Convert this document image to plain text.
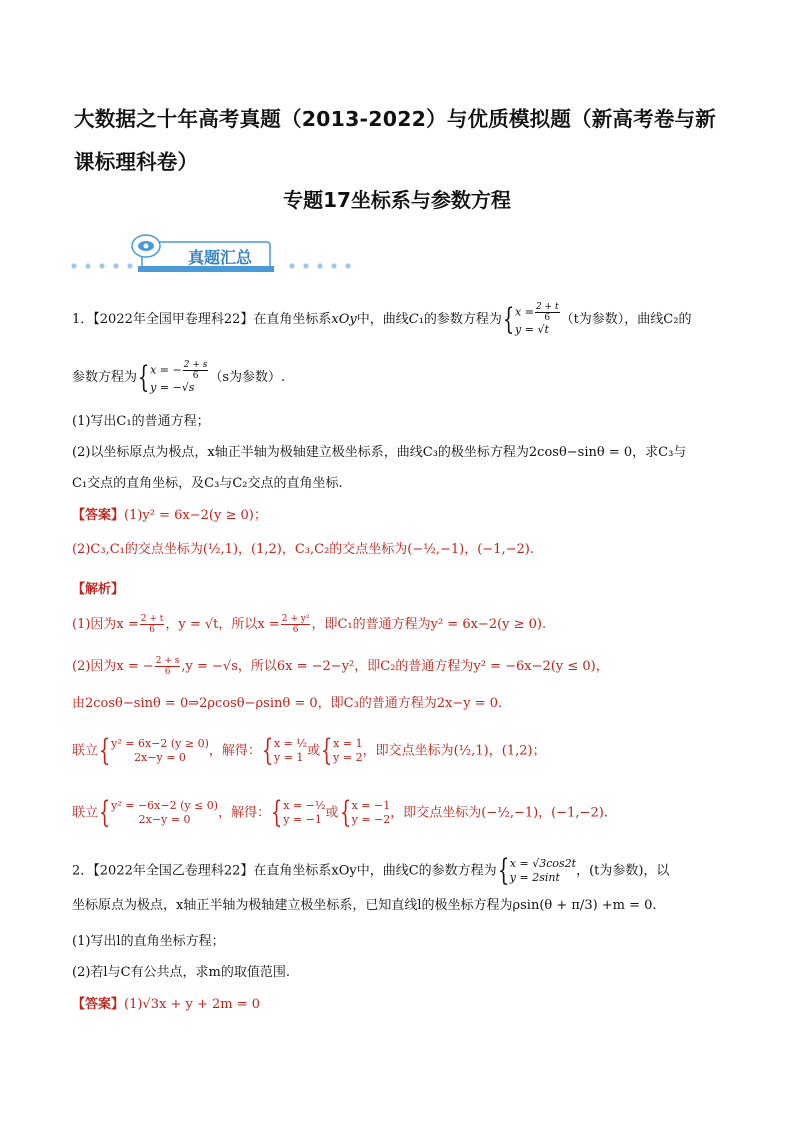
大数据之十年高考真题（2013-2022）与优质模拟题（新高考卷与新课标理科卷）
专题17坐标系与参数方程
真题汇总
1．【2022年全国甲卷理科22】在直角坐标系xOy中，曲线C₁的参数方程为{ $x = \frac{2 + t}{6}$
y = √t
（t为参数），曲线C₂的
参数方程为{ x = − $\frac{2 + s}{6}$
y = −√s
（s为参数）.
(1)写出C₁的普通方程；
(2)以坐标原点为极点，x轴正半轴为极轴建立极坐标系，曲线C₃的极坐标方程为2cosθ−sinθ = 0，求C₃与
C₁交点的直角坐标，及C₃与C₂交点的直角坐标.
【答案】(1)y² = 6x−2(y ≥ 0)；
(2)C₃,C₁的交点坐标为(½,1)，(1,2)，C₃,C₂的交点坐标为(−½,−1)，(−1,−2).
【解析】
(1)因为$x = \frac{2 + t}{6}$ ，y = √t，所以$x = \frac{\text{2 + y²}}{6}$ ，即C₁的普通方程为y² = 6x−2(y ≥ 0).
(2)因为x = − $\frac{2 + s}{6} ,y = -√s$，所以6x = −2−y²，即C₂的普通方程为y² = −6x−2(y ≤ 0)，
由2cosθ−sinθ = 0⇒2ρcosθ−ρsinθ = 0，即C₃的普通方程为2x−y = 0.
联立{ y² = 6x−2 (y ≥ 0)
2x−y = 0	，解得：{ x = ½
y = 1 或{ x = 1
y = 2 ，即交点坐标为(½,1)，(1,2)；
联立{ y² = −6x−2 (y ≤ 0)
2x−y = 0	，解得：{ x = −½
y = −1 或{ x = −1
y = −2 ，即交点坐标为(−½,−1)，(−1,−2).
2．【2022年全国乙卷理科22】在直角坐标系xOy中，曲线C的参数方程为{ x = √3cos2t
y = 2sint	，(t为参数)，以
坐标原点为极点，x轴正半轴为极轴建立极坐标系，已知直线l的极坐标方程为ρsin(θ + π/3) +m = 0.
(1)写出l的直角坐标方程；
(2)若l与C有公共点，求m的取值范围.
【答案】(1)√3x + y + 2m = 0
